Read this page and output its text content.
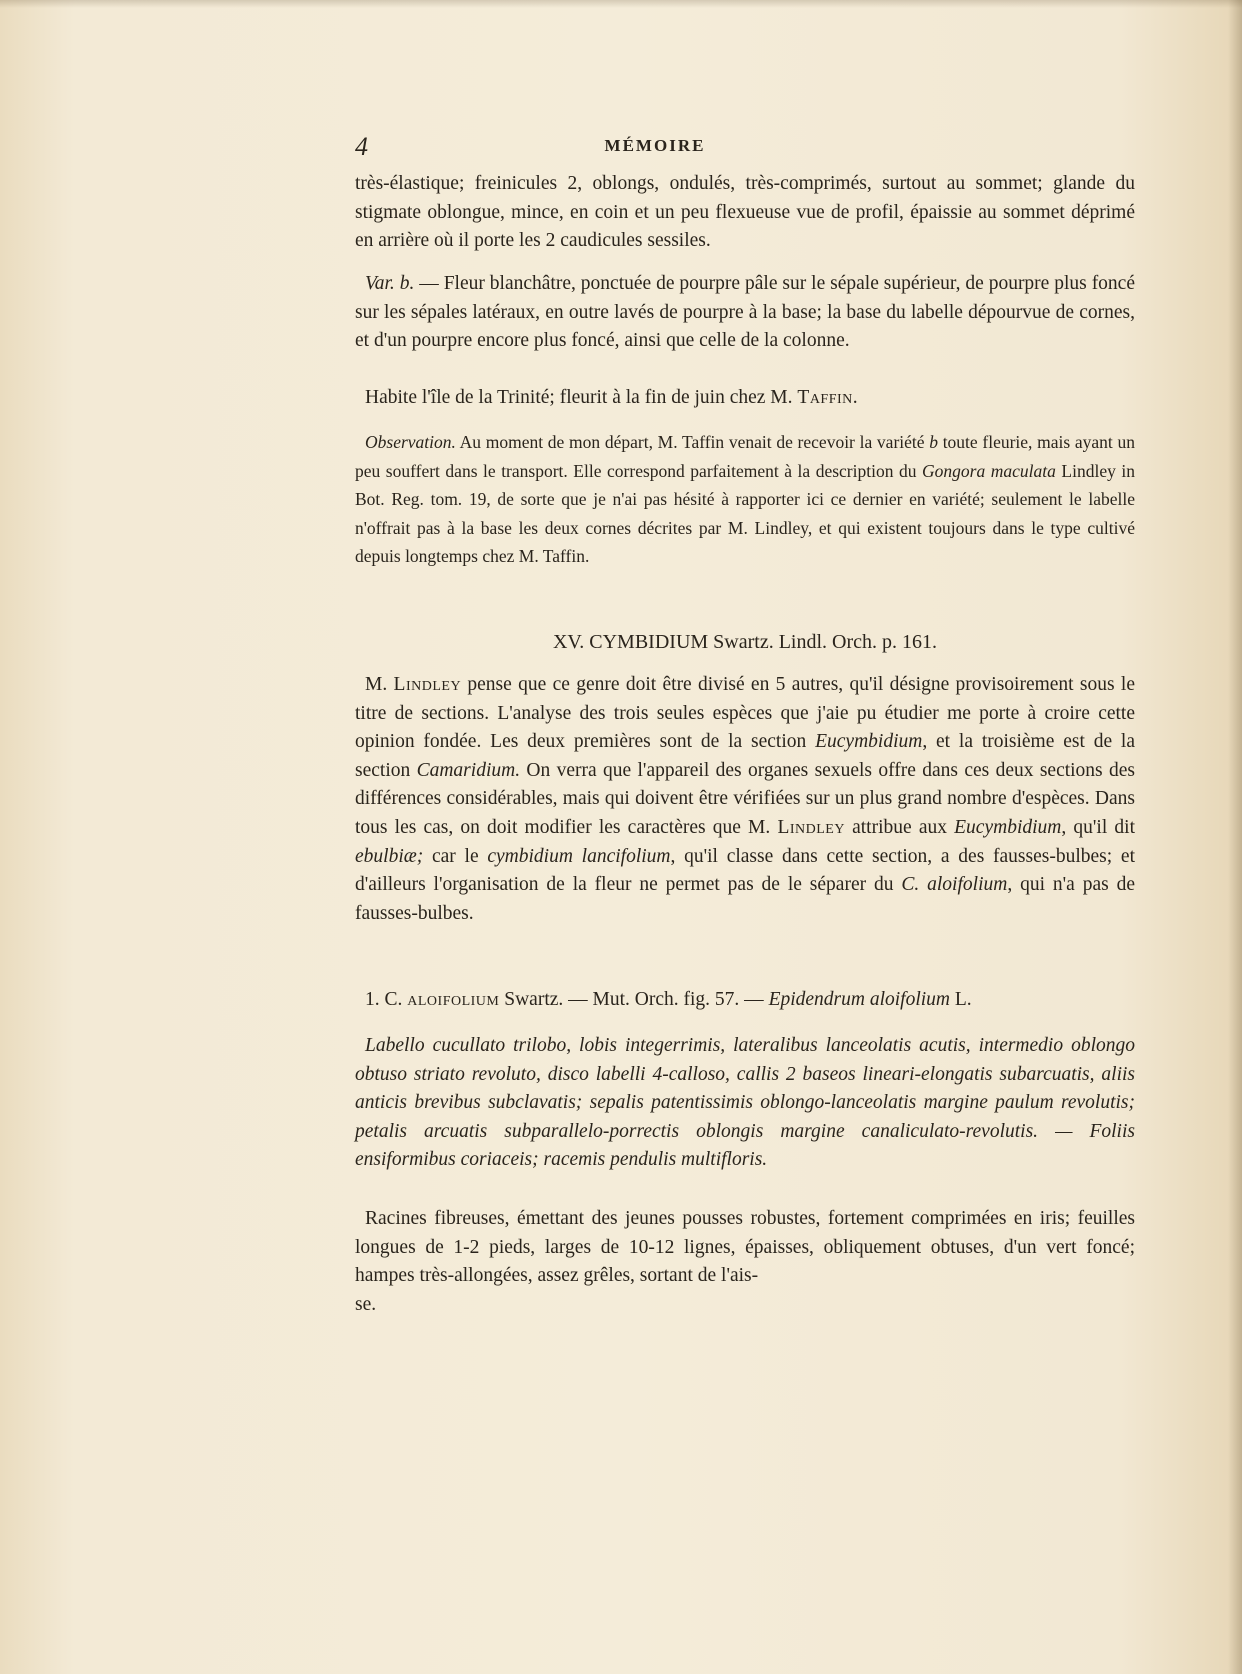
4	MÉMOIRE

très-élastique; freinicules 2, oblongs, ondulés, très-comprimés, surtout au sommet; glande du stigmate oblongue, mince, en coin et un peu flexueuse vue de profil, épaissie au sommet déprimé en arrière où il porte les 2 caudicules sessiles.

Var. b. — Fleur blanchâtre, ponctuée de pourpre pâle sur le sépale supérieur, de pourpre plus foncé sur les sépales latéraux, en outre lavés de pourpre à la base; la base du labelle dépourvue de cornes, et d'un pourpre encore plus foncé, ainsi que celle de la colonne.

Habite l'île de la Trinité; fleurit à la fin de juin chez M. Taffin.

Observation. Au moment de mon départ, M. Taffin venait de recevoir la variété b toute fleurie, mais ayant un peu souffert dans le transport. Elle correspond parfaitement à la description du Gongora maculata Lindley in Bot. Reg. tom. 19, de sorte que je n'ai pas hésité à rapporter ici ce dernier en variété; seulement le labelle n'offrait pas à la base les deux cornes décrites par M. Lindley, et qui existent toujours dans le type cultivé depuis longtemps chez M. Taffin.

XV. CYMBIDIUM Swartz. Lindl. Orch. p. 161.

M. Lindley pense que ce genre doit être divisé en 5 autres, qu'il désigne provisoirement sous le titre de sections. L'analyse des trois seules espèces que j'aie pu étudier me porte à croire cette opinion fondée. Les deux premières sont de la section Eucymbidium, et la troisième est de la section Camaridium. On verra que l'appareil des organes sexuels offre dans ces deux sections des différences considérables, mais qui doivent être vérifiées sur un plus grand nombre d'espèces. Dans tous les cas, on doit modifier les caractères que M. Lindley attribue aux Eucymbidium, qu'il dit ebulbiæ; car le cymbidium lancifolium, qu'il classe dans cette section, a des fausses-bulbes; et d'ailleurs l'organisation de la fleur ne permet pas de le séparer du C. aloifolium, qui n'a pas de fausses-bulbes.

1. C. aloifolium Swartz. — Mut. Orch. fig. 57. — Epidendrum aloifolium L.

Labello cucullato trilobo, lobis integerrimis, lateralibus lanceolatis acutis, intermedio oblongo obtuso striato revoluto, disco labelli 4-calloso, callis 2 baseos lineari-elongatis subarcuatis, aliis anticis brevibus subclavatis; sepalis patentissimis oblongo-lanceolatis margine paulum revolutis; petalis arcuatis subparallelo-porrectis oblongis margine canaliculato-revolutis. — Foliis ensiformibus coriaceis; racemis pendulis multifloris.

Racines fibreuses, émettant des jeunes pousses robustes, fortement comprimées en iris; feuilles longues de 1-2 pieds, larges de 10-12 lignes, épaisses, obliquement obtuses, d'un vert foncé; hampes très-allongées, assez grêles, sortant de l'ais-

se.
